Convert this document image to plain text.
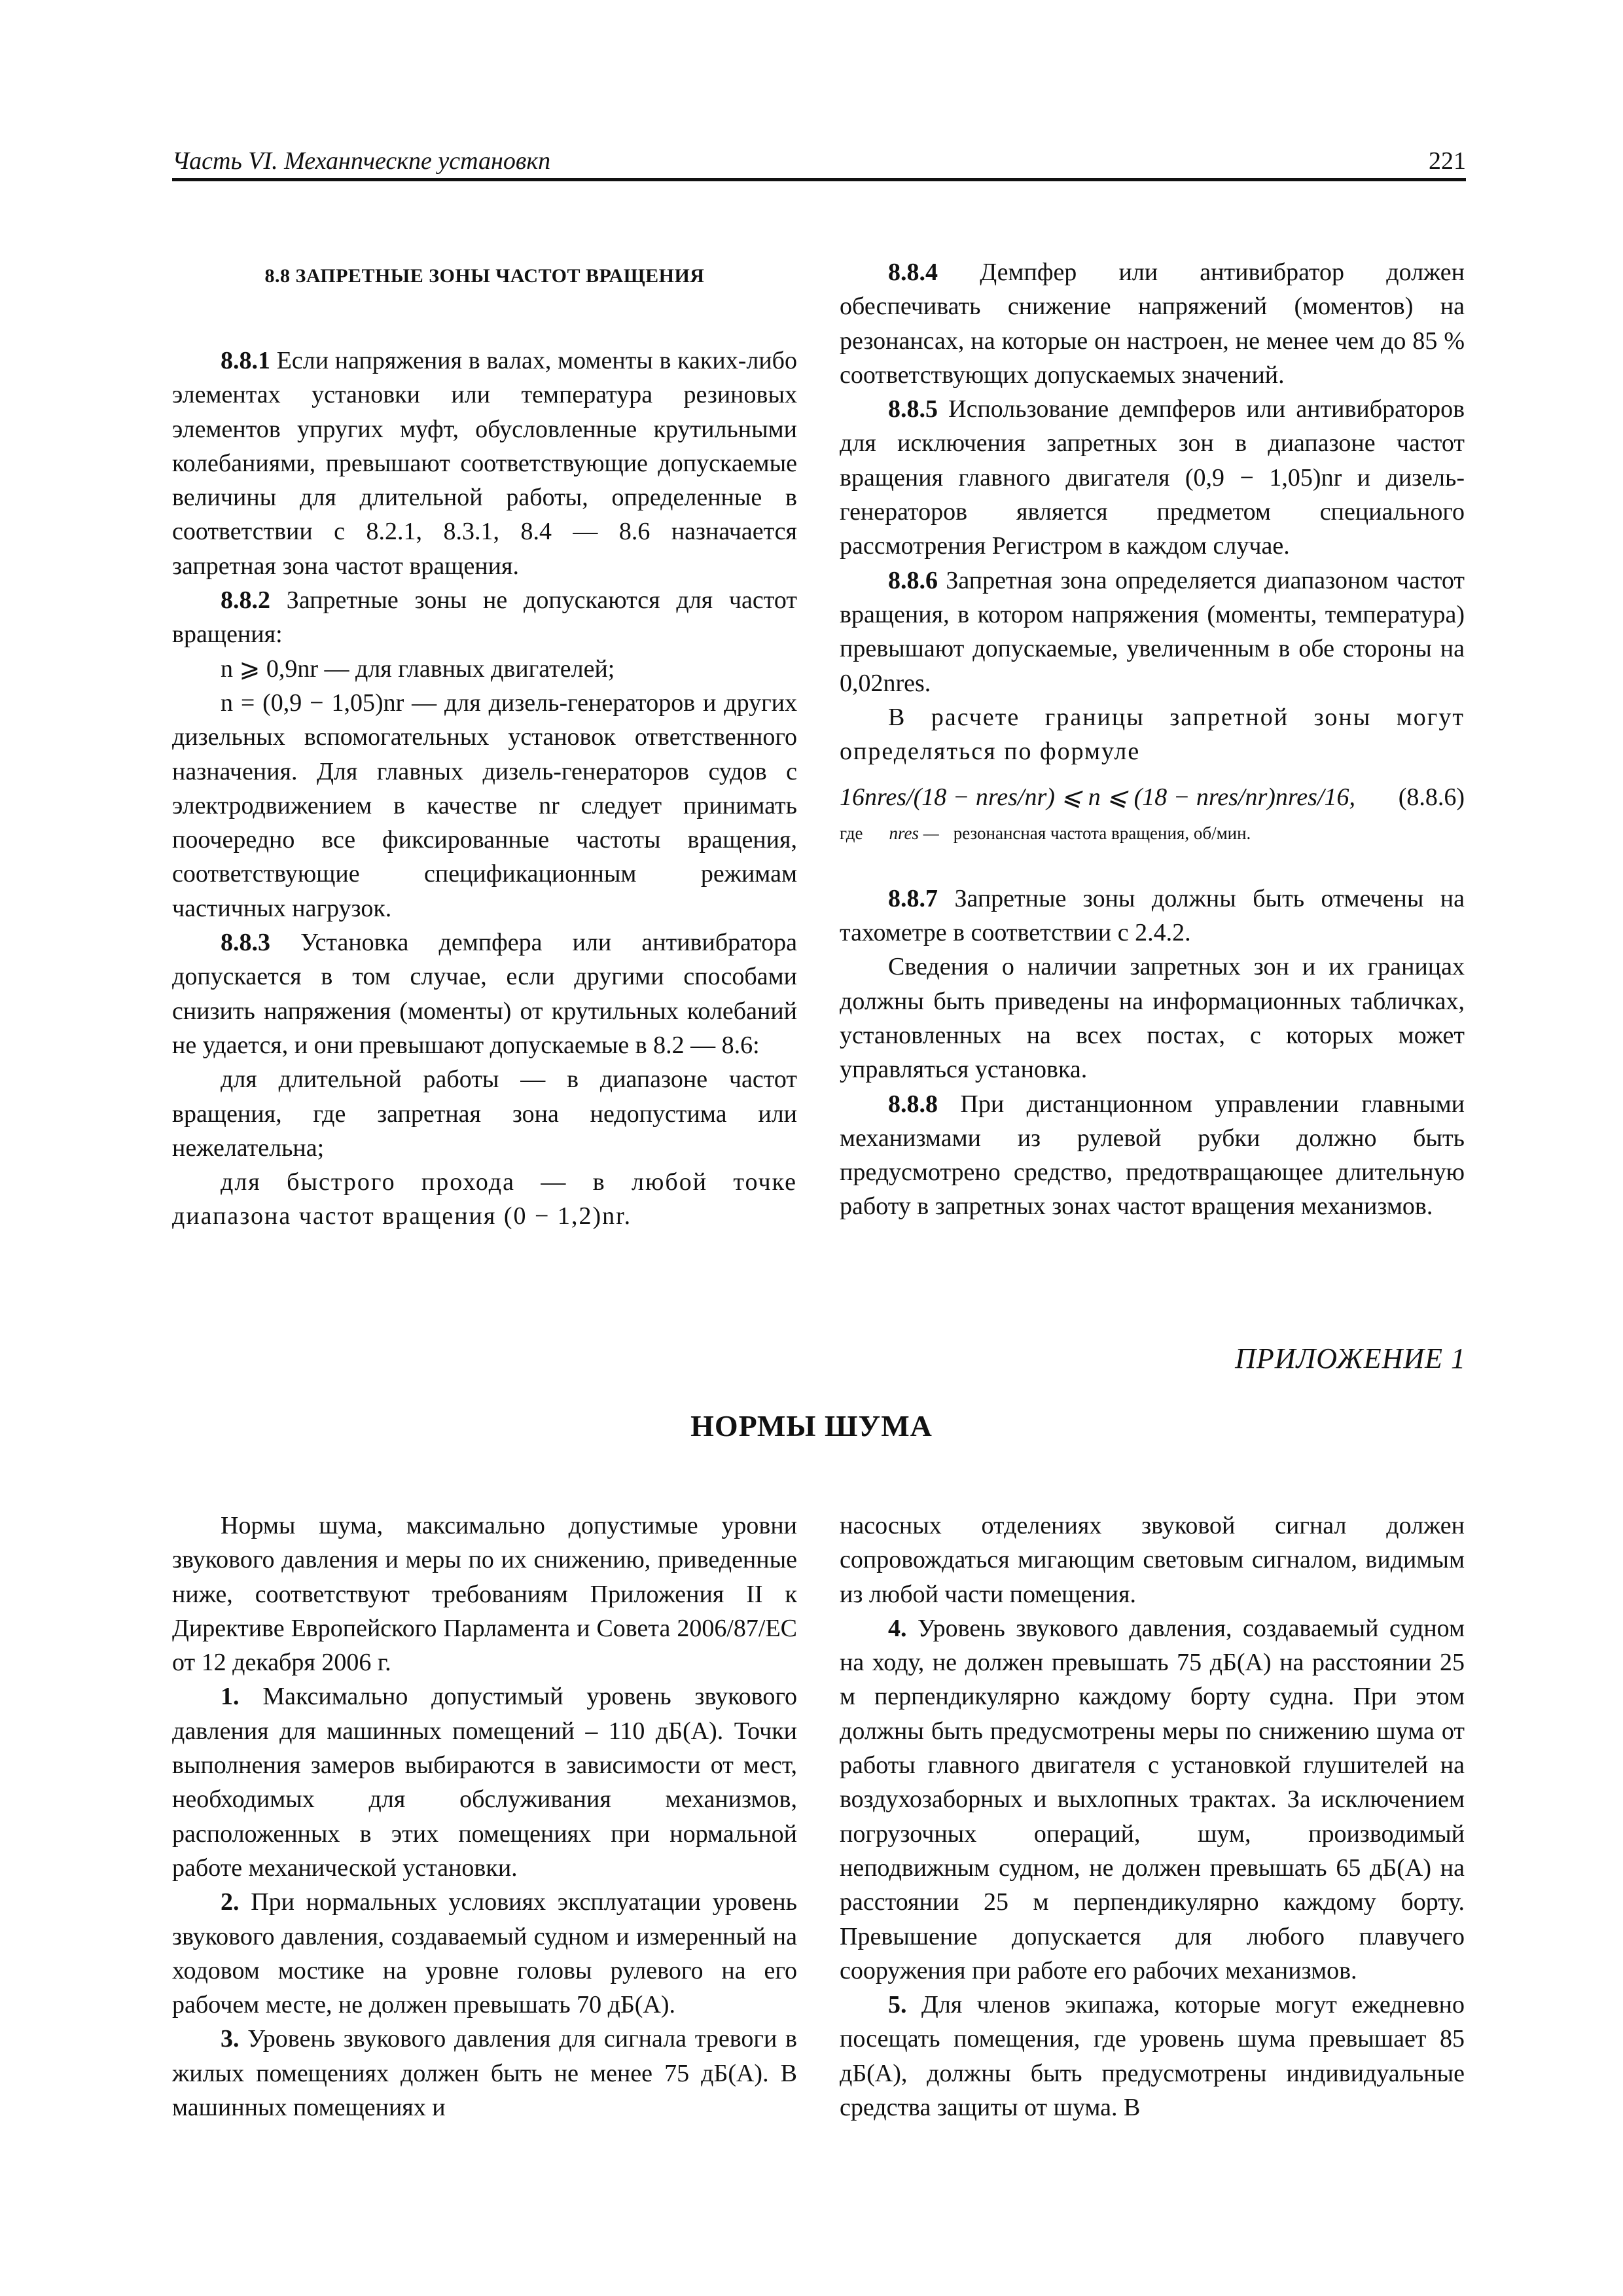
Часть VI. Механпческпе установкп	221
8.8 ЗАПРЕТНЫЕ ЗОНЫ ЧАСТОТ ВРАЩЕНИЯ

8.8.1 Если напряжения в валах, моменты в каких-либо элементах установки или температура резиновых элементов упругих муфт, обусловленные крутильными колебаниями, превышают соответствующие допускаемые величины для длительной работы, определенные в соответствии с 8.2.1, 8.3.1, 8.4 — 8.6 назначается запретная зона частот вращения.

8.8.2 Запретные зоны не допускаются для частот вращения:

n ⩾ 0,9nr — для главных двигателей;

n = (0,9 − 1,05)nr — для дизель-генераторов и других дизельных вспомогательных установок ответственного назначения. Для главных дизель-генераторов судов с электродвижением в качестве nr следует принимать поочередно все фиксированные частоты вращения, соответствующие спецификационным режимам частичных нагрузок.

8.8.3 Установка демпфера или антивибратора допускается в том случае, если другими способами снизить напряжения (моменты) от крутильных колебаний не удается, и они превышают допускаемые в 8.2 — 8.6:

для длительной работы — в диапазоне частот вращения, где запретная зона недопустима или нежелательна;

для быстрого прохода — в любой точке диапазона частот вращения (0 − 1,2)nr.

8.8.4 Демпфер или антивибратор должен обеспечивать снижение напряжений (моментов) на резонансах, на которые он настроен, не менее чем до 85 % соответствующих допускаемых значений.

8.8.5 Использование демпферов или антивибраторов для исключения запретных зон в диапазоне частот вращения главного двигателя (0,9 − 1,05)nr и дизель-генераторов является предметом специального рассмотрения Регистром в каждом случае.

8.8.6 Запретная зона определяется диапазоном частот вращения, в котором напряжения (моменты, температура) превышают допускаемые, увеличенным в обе стороны на 0,02nres.

В расчете границы запретной зоны могут определяться по формуле

16nres/(18 − nres/nr) ⩽ n ⩽ (18 − nres/nr)nres/16, (8.8.6)
где nres — резонансная частота вращения, об/мин.

8.8.7 Запретные зоны должны быть отмечены на тахометре в соответствии с 2.4.2.

Сведения о наличии запретных зон и их границах должны быть приведены на информационных табличках, установленных на всех постах, с которых может управляться установка.

8.8.8 При дистанционном управлении главными механизмами из рулевой рубки должно быть предусмотрено средство, предотвращающее длительную работу в запретных зонах частот вращения механизмов.

ПРИЛОЖЕНИЕ 1
НОРМЫ ШУМА

Нормы шума, максимально допустимые уровни звукового давления и меры по их снижению, приведенные ниже, соответствуют требованиям Приложения II к Директиве Европейского Парламента и Совета 2006/87/EC от 12 декабря 2006 г.

1. Максимально допустимый уровень звукового давления для машинных помещений – 110 дБ(А). Точки выполнения замеров выбираются в зависимости от мест, необходимых для обслуживания механизмов, расположенных в этих помещениях при нормальной работе механической установки.

2. При нормальных условиях эксплуатации уровень звукового давления, создаваемый судном и измеренный на ходовом мостике на уровне головы рулевого на его рабочем месте, не должен превышать 70 дБ(А).

3. Уровень звукового давления для сигнала тревоги в жилых помещениях должен быть не менее 75 дБ(А). В машинных помещениях и

насосных отделениях звуковой сигнал должен сопровождаться мигающим световым сигналом, видимым из любой части помещения.

4. Уровень звукового давления, создаваемый судном на ходу, не должен превышать 75 дБ(А) на расстоянии 25 м перпендикулярно каждому борту судна. При этом должны быть предусмотрены меры по снижению шума от работы главного двигателя с установкой глушителей на воздухозаборных и выхлопных трактах. За исключением погрузочных операций, шум, производимый неподвижным судном, не должен превышать 65 дБ(А) на расстоянии 25 м перпендикулярно каждому борту. Превышение допускается для любого плавучего сооружения при работе его рабочих механизмов.

5. Для членов экипажа, которые могут ежедневно посещать помещения, где уровень шума превышает 85 дБ(А), должны быть предусмотрены индивидуальные средства защиты от шума. В
